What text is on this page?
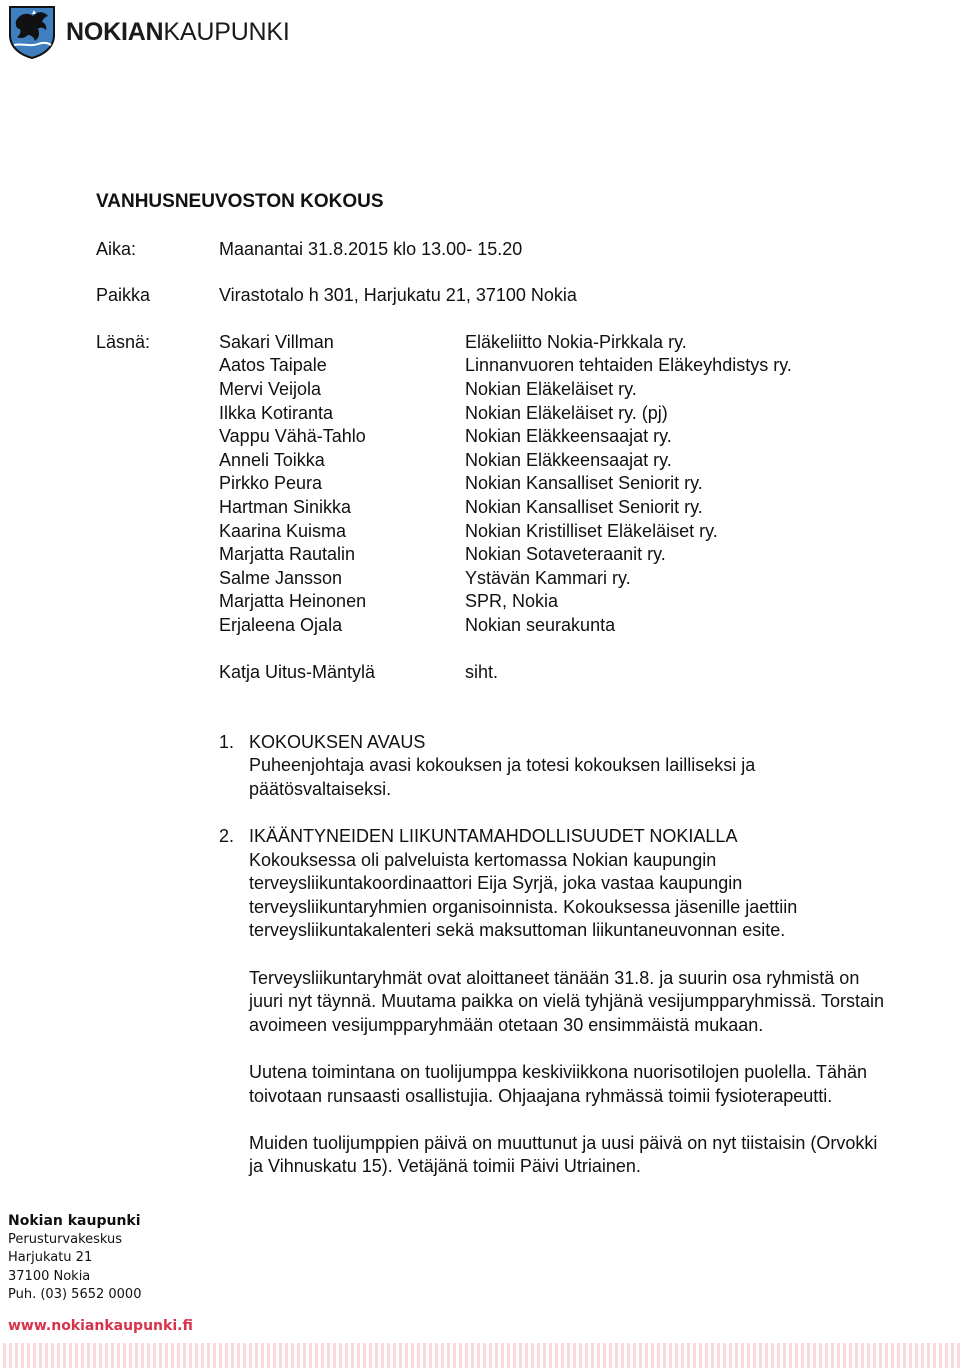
NOKIANKAUPUNKI
VANHUSNEUVOSTON KOKOUS
Aika:	Maanantai 31.8.2015 klo 13.00- 15.20
Paikka	Virastotalo h 301, Harjukatu 21, 37100 Nokia
Läsnä:	Sakari Villman	Eläkeliitto Nokia-Pirkkala ry.
Aatos Taipale	Linnanvuoren tehtaiden Eläkeyhdistys ry.
Mervi Veijola	Nokian Eläkeläiset ry.
Ilkka Kotiranta	Nokian Eläkeläiset ry. (pj)
Vappu Vähä-Tahlo	Nokian Eläkkeensaajat ry.
Anneli Toikka	Nokian Eläkkeensaajat ry.
Pirkko Peura	Nokian Kansalliset Seniorit ry.
Hartman Sinikka	Nokian Kansalliset Seniorit ry.
Kaarina Kuisma	Nokian Kristilliset Eläkeläiset ry.
Marjatta Rautalin	Nokian Sotaveteraanit ry.
Salme Jansson	Ystävän Kammari ry.
Marjatta Heinonen	SPR, Nokia
Erjaleena Ojala	Nokian seurakunta
Katja Uitus-Mäntylä	siht.
1. KOKOUKSEN AVAUS

Puheenjohtaja avasi kokouksen ja totesi kokouksen lailliseksi ja päätösvaltaiseksi.

2. IKÄÄNTYNEIDEN LIIKUNTAMAHDOLLISUUDET NOKIALLA

Kokouksessa oli palveluista kertomassa Nokian kaupungin terveysliikuntakoordinaattori Eija Syrjä, joka vastaa kaupungin terveysliikuntaryhmien organisoinnista. Kokouksessa jäsenille jaettiin terveysliikuntakalenteri sekä maksuttoman liikuntaneuvonnan esite.

Terveysliikuntaryhmät ovat aloittaneet tänään 31.8. ja suurin osa ryhmistä on juuri nyt täynnä. Muutama paikka on vielä tyhjänä vesijumpparyhmissä. Torstain avoimeen vesijumpparyhmään otetaan 30 ensimmäistä mukaan.

Uutena toimintana on tuolijumppa keskiviikkona nuorisotilojen puolella. Tähän toivotaan runsaasti osallistujia. Ohjaajana ryhmässä toimii fysioterapeutti.

Muiden tuolijumppien päivä on muuttunut ja uusi päivä on nyt tiistaisin (Orvokki ja Vihnuskatu 15). Vetäjänä toimii Päivi Utriainen.

Nokian kaupunki
Perusturvakeskus
Harjukatu 21
37100 Nokia
Puh. (03) 5652 0000
www.nokiankaupunki.fi
